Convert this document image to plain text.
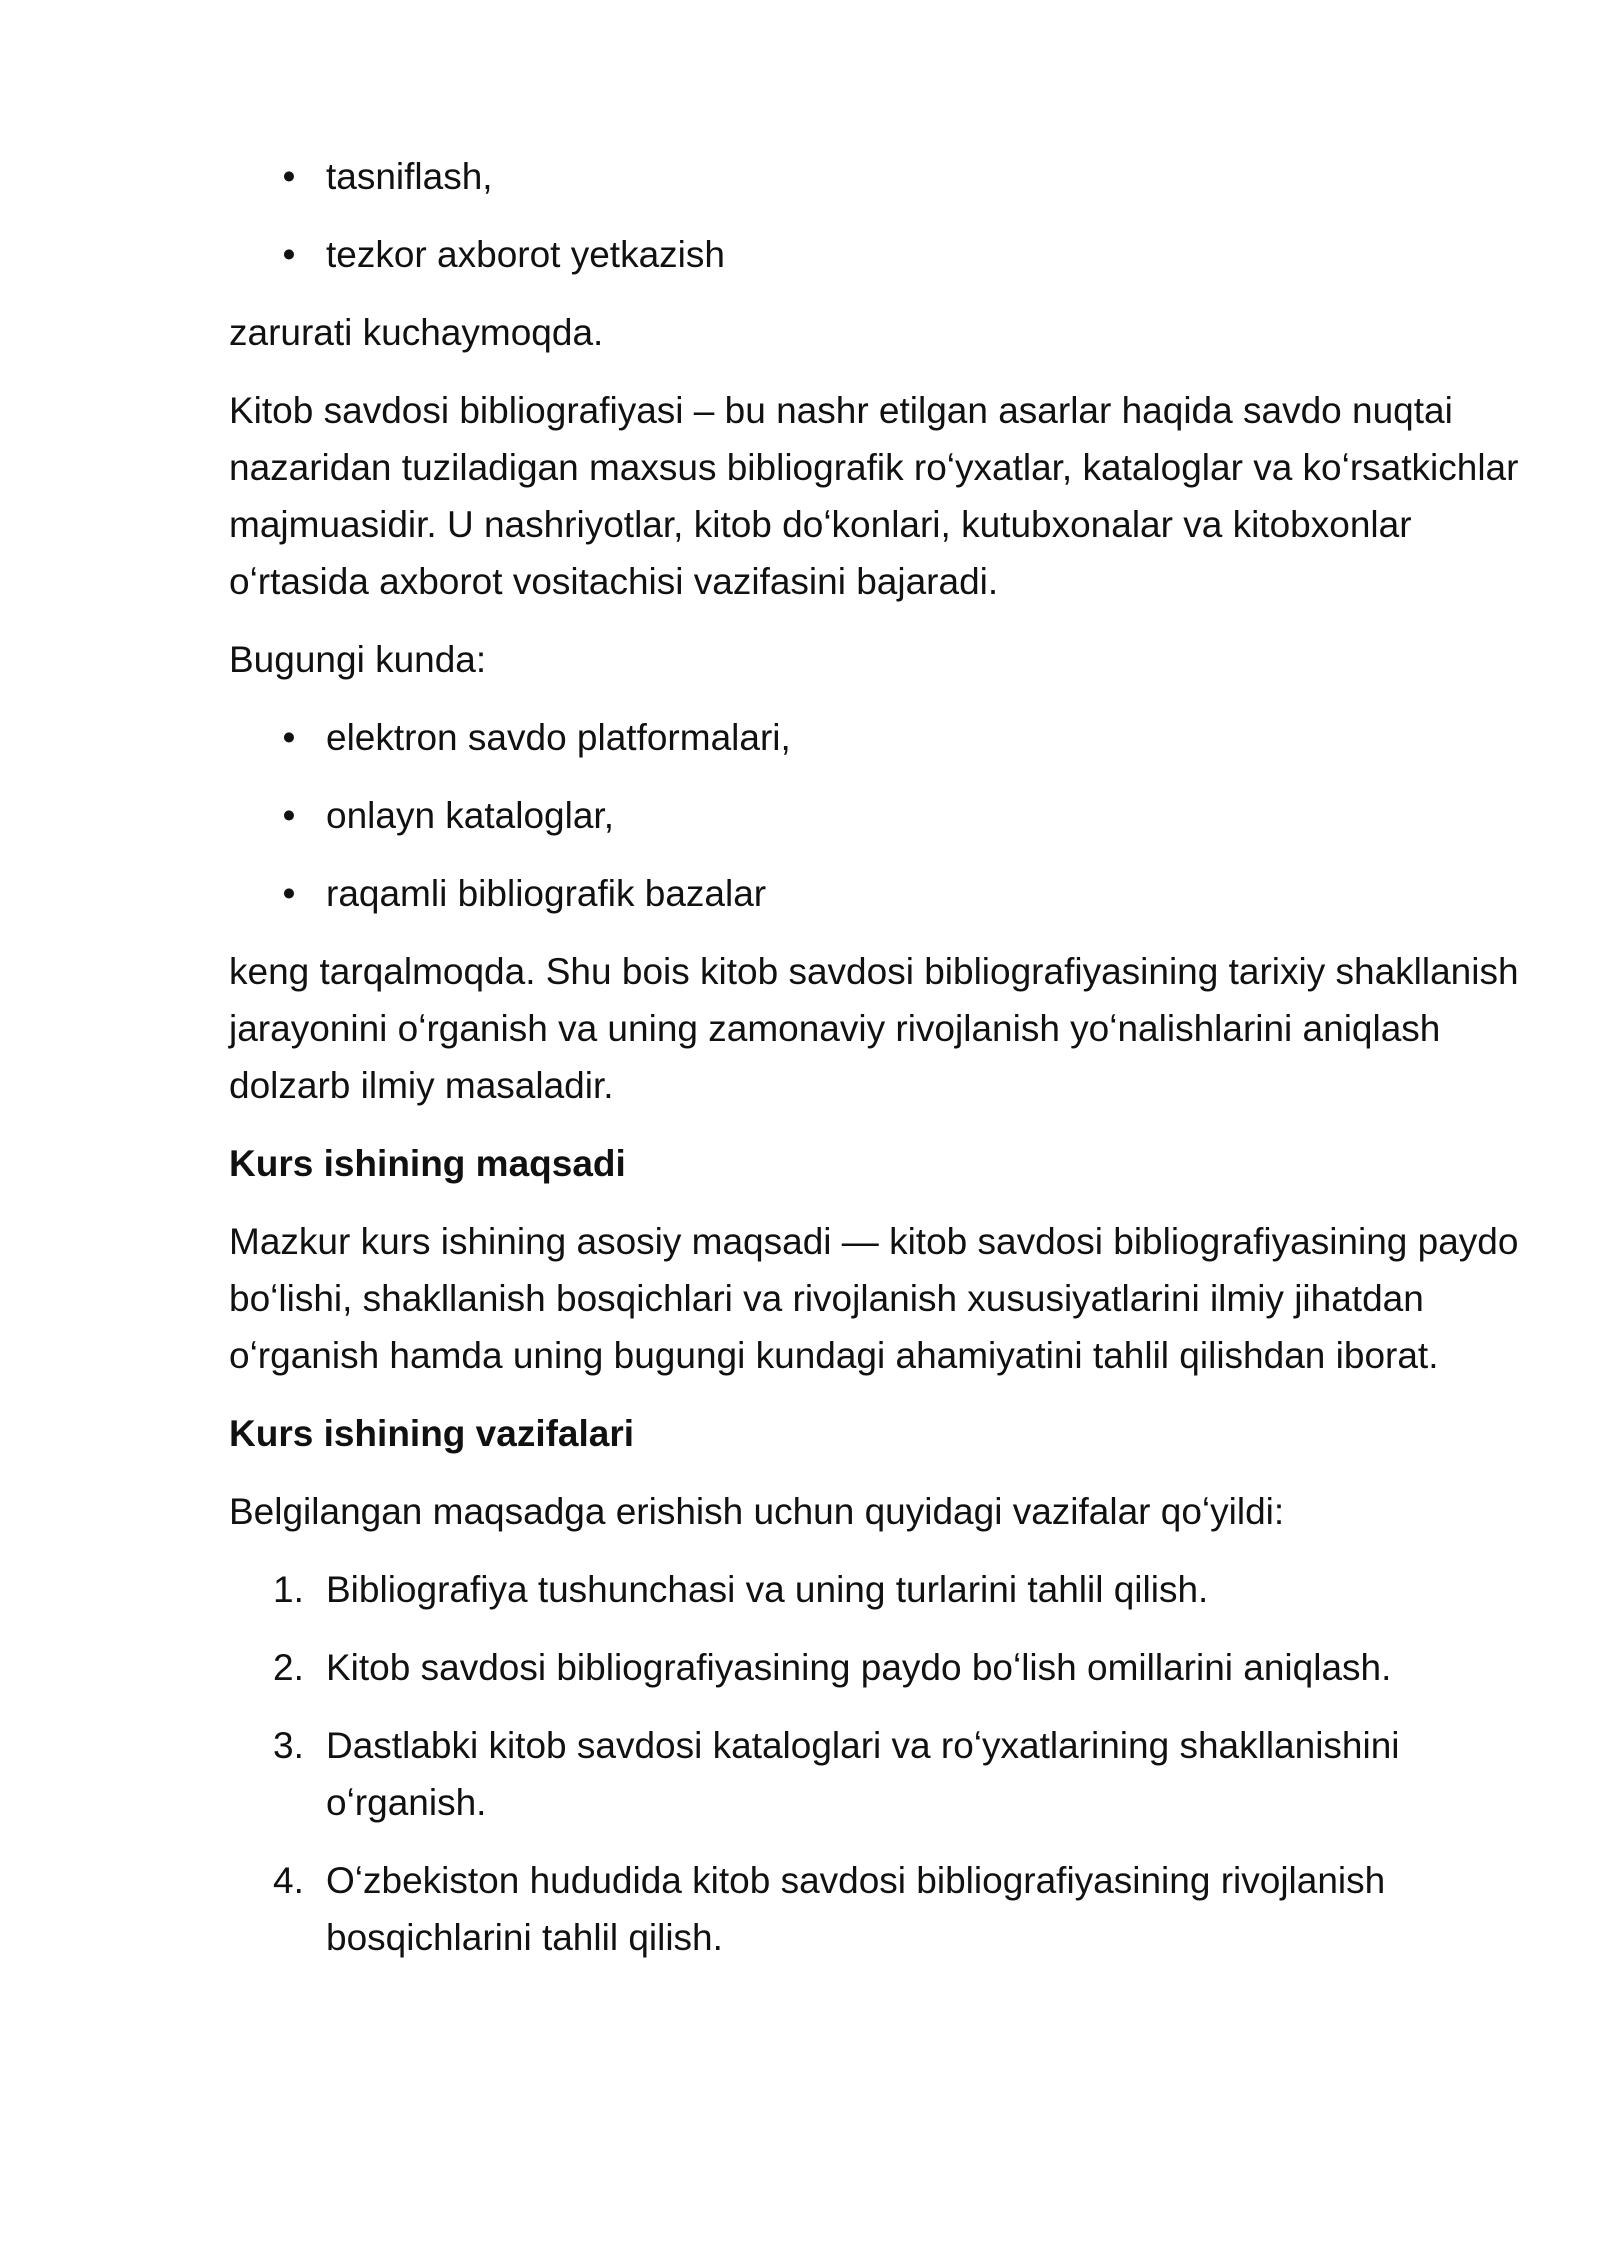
• tasniflash,
• tezkor axborot yetkazish

zarurati kuchaymoqda.

Kitob savdosi bibliografiyasi – bu nashr etilgan asarlar haqida savdo nuqtai nazaridan tuziladigan maxsus bibliografik roʻyxatlar, kataloglar va koʻrsatkichlar majmuasidir. U nashriyotlar, kitob doʻkonlari, kutubxonalar va kitobxonlar oʻrtasida axborot vositachisi vazifasini bajaradi.

Bugungi kunda:

• elektron savdo platformalari,
• onlayn kataloglar,
• raqamli bibliografik bazalar

keng tarqalmoqda. Shu bois kitob savdosi bibliografiyasining tarixiy shakllanish jarayonini oʻrganish va uning zamonaviy rivojlanish yoʻnalishlarini aniqlash dolzarb ilmiy masaladir.

Kurs ishining maqsadi

Mazkur kurs ishining asosiy maqsadi — kitob savdosi bibliografiyasining paydo boʻlishi, shakllanish bosqichlari va rivojlanish xususiyatlarini ilmiy jihatdan oʻrganish hamda uning bugungi kundagi ahamiyatini tahlil qilishdan iborat.

Kurs ishining vazifalari

Belgilangan maqsadga erishish uchun quyidagi vazifalar qoʻyildi:

1. Bibliografiya tushunchasi va uning turlarini tahlil qilish.
2. Kitob savdosi bibliografiyasining paydo boʻlish omillarini aniqlash.
3. Dastlabki kitob savdosi kataloglari va roʻyxatlarining shakllanishini oʻrganish.
4. Oʻzbekiston hududida kitob savdosi bibliografiyasining rivojlanish bosqichlarini tahlil qilish.
